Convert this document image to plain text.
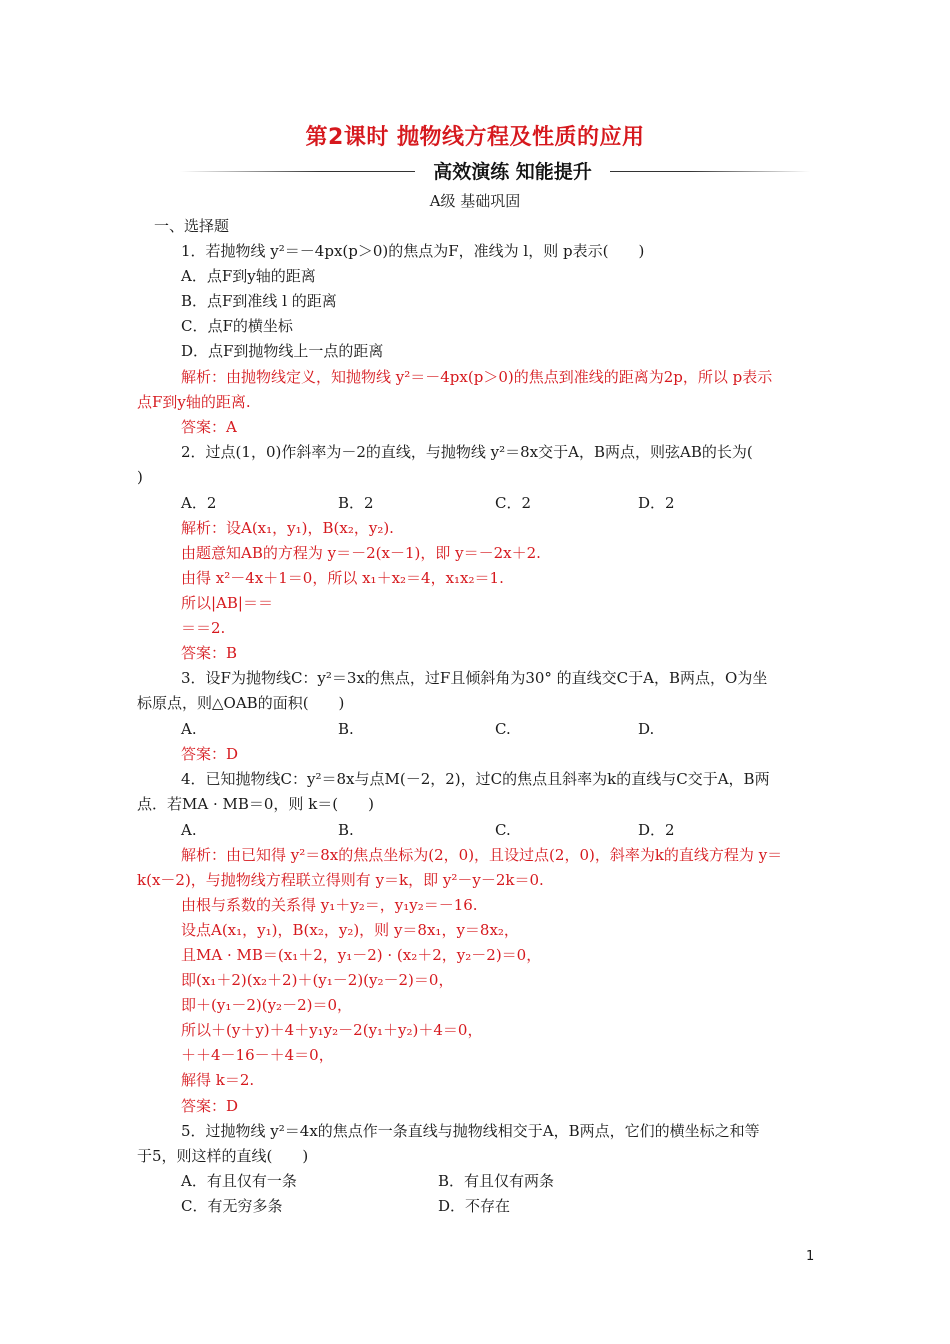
第2课时 抛物线方程及性质的应用
高效演练 知能提升
A级 基础巩固
一、选择题
1．若抛物线 y²＝－4px(p＞0)的焦点为F，准线为 l，则 p表示(　　)
A．点F到y轴的距离
B．点F到准线 l 的距离
C．点F的横坐标
D．点F到抛物线上一点的距离
解析：由抛物线定义，知抛物线 y²＝－4px(p＞0)的焦点到准线的距离为2p，所以 p表示
点F到y轴的距离.
答案：A
2．过点(1，0)作斜率为－2的直线，与抛物线 y²＝8x交于A，B两点，则弦AB的长为(
)
解析：设A(x₁，y₁)，B(x₂，y₂).
由题意知AB的方程为 y＝－2(x－1)，即 y＝－2x＋2.
由得 x²－4x＋1＝0，所以 x₁＋x₂＝4，x₁x₂＝1.
所以|AB|＝＝
＝＝2.
答案：B
3．设F为抛物线C：y²＝3x的焦点，过F且倾斜角为30° 的直线交C于A，B两点，O为坐
标原点，则△OAB的面积(　　)
答案：D
4．已知抛物线C：y²＝8x与点M(－2，2)，过C的焦点且斜率为k的直线与C交于A，B两
点．若MA · MB＝0，则 k＝(　　)
解析：由已知得 y²＝8x的焦点坐标为(2，0)，且设过点(2，0)，斜率为k的直线方程为 y＝
k(x－2)，与抛物线方程联立得则有 y＝k，即 y²－y－2k＝0.
由根与系数的关系得 y₁＋y₂＝，y₁y₂＝－16.
设点A(x₁，y₁)，B(x₂，y₂)，则 y＝8x₁，y＝8x₂，
且MA · MB＝(x₁＋2，y₁－2) · (x₂＋2，y₂－2)＝0，
即(x₁＋2)(x₂＋2)＋(y₁－2)(y₂－2)＝0，
即＋(y₁－2)(y₂－2)＝0，
所以＋(y＋y)＋4＋y₁y₂－2(y₁＋y₂)＋4＝0，
＋＋4－16－＋4＝0，
解得 k＝2.
答案：D
5．过抛物线 y²＝4x的焦点作一条直线与抛物线相交于A，B两点，它们的横坐标之和等
于5，则这样的直线(　　)
A．2	B．2	C．2	D．2
A.	B.	C.	D.
A.	B.	C.	D．2
A．有且仅有一条	B．有且仅有两条
C．有无穷多条	D．不存在
1
